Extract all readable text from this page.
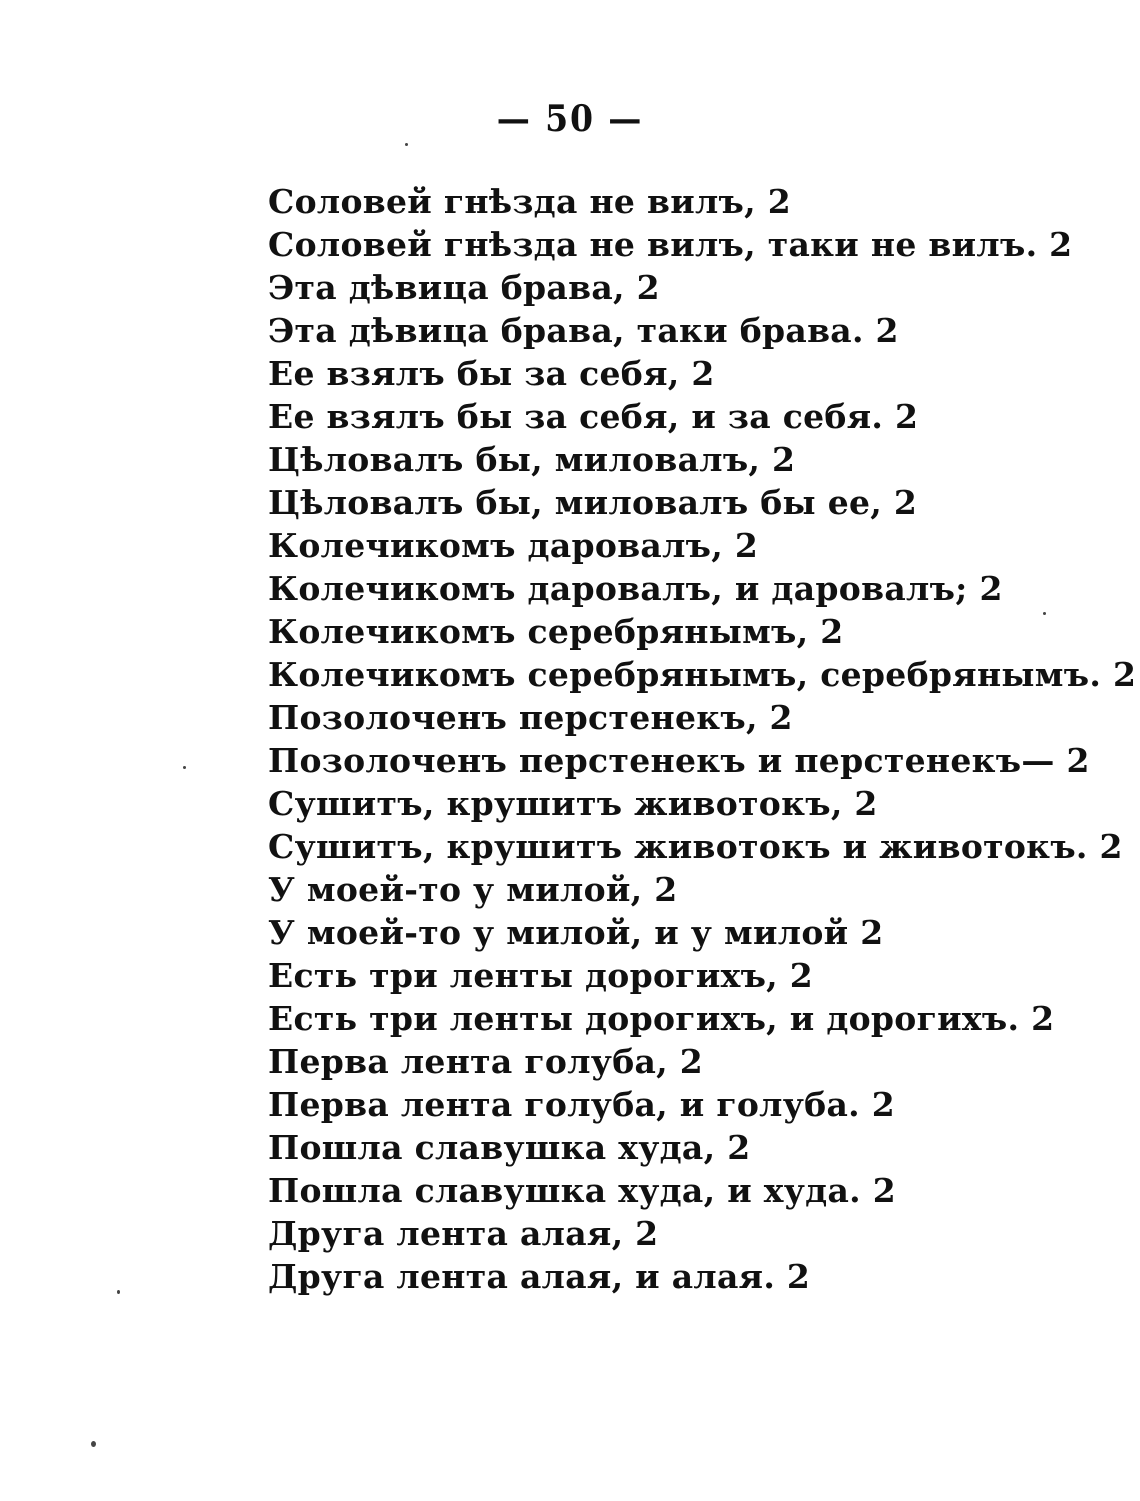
— 50 —
Соловей гнѣзда не вилъ, 2
Соловей гнѣзда не вилъ, таки не вилъ. 2
Эта дѣвица брава, 2
Эта дѣвица брава, таки брава. 2
Ее взялъ бы за себя, 2
Ее взялъ бы за себя, и за себя. 2
Цѣловалъ бы, миловалъ, 2
Цѣловалъ бы, миловалъ бы ее, 2
Колечикомъ даровалъ, 2
Колечикомъ даровалъ, и даровалъ; 2
Колечикомъ серебрянымъ, 2
Колечикомъ серебрянымъ, серебрянымъ. 2
Позолоченъ перстенекъ, 2
Позолоченъ перстенекъ и перстенекъ— 2
Сушитъ, крушитъ животокъ, 2
Сушитъ, крушитъ животокъ и животокъ. 2
У моей-то у милой, 2
У моей-то у милой, и у милой 2
Есть три ленты дорогихъ, 2
Есть три ленты дорогихъ, и дорогихъ. 2
Перва лента голуба, 2
Перва лента голуба, и голуба. 2
Пошла славушка худа, 2
Пошла славушка худа, и худа. 2
Друга лента алая, 2
Друга лента алая, и алая. 2
